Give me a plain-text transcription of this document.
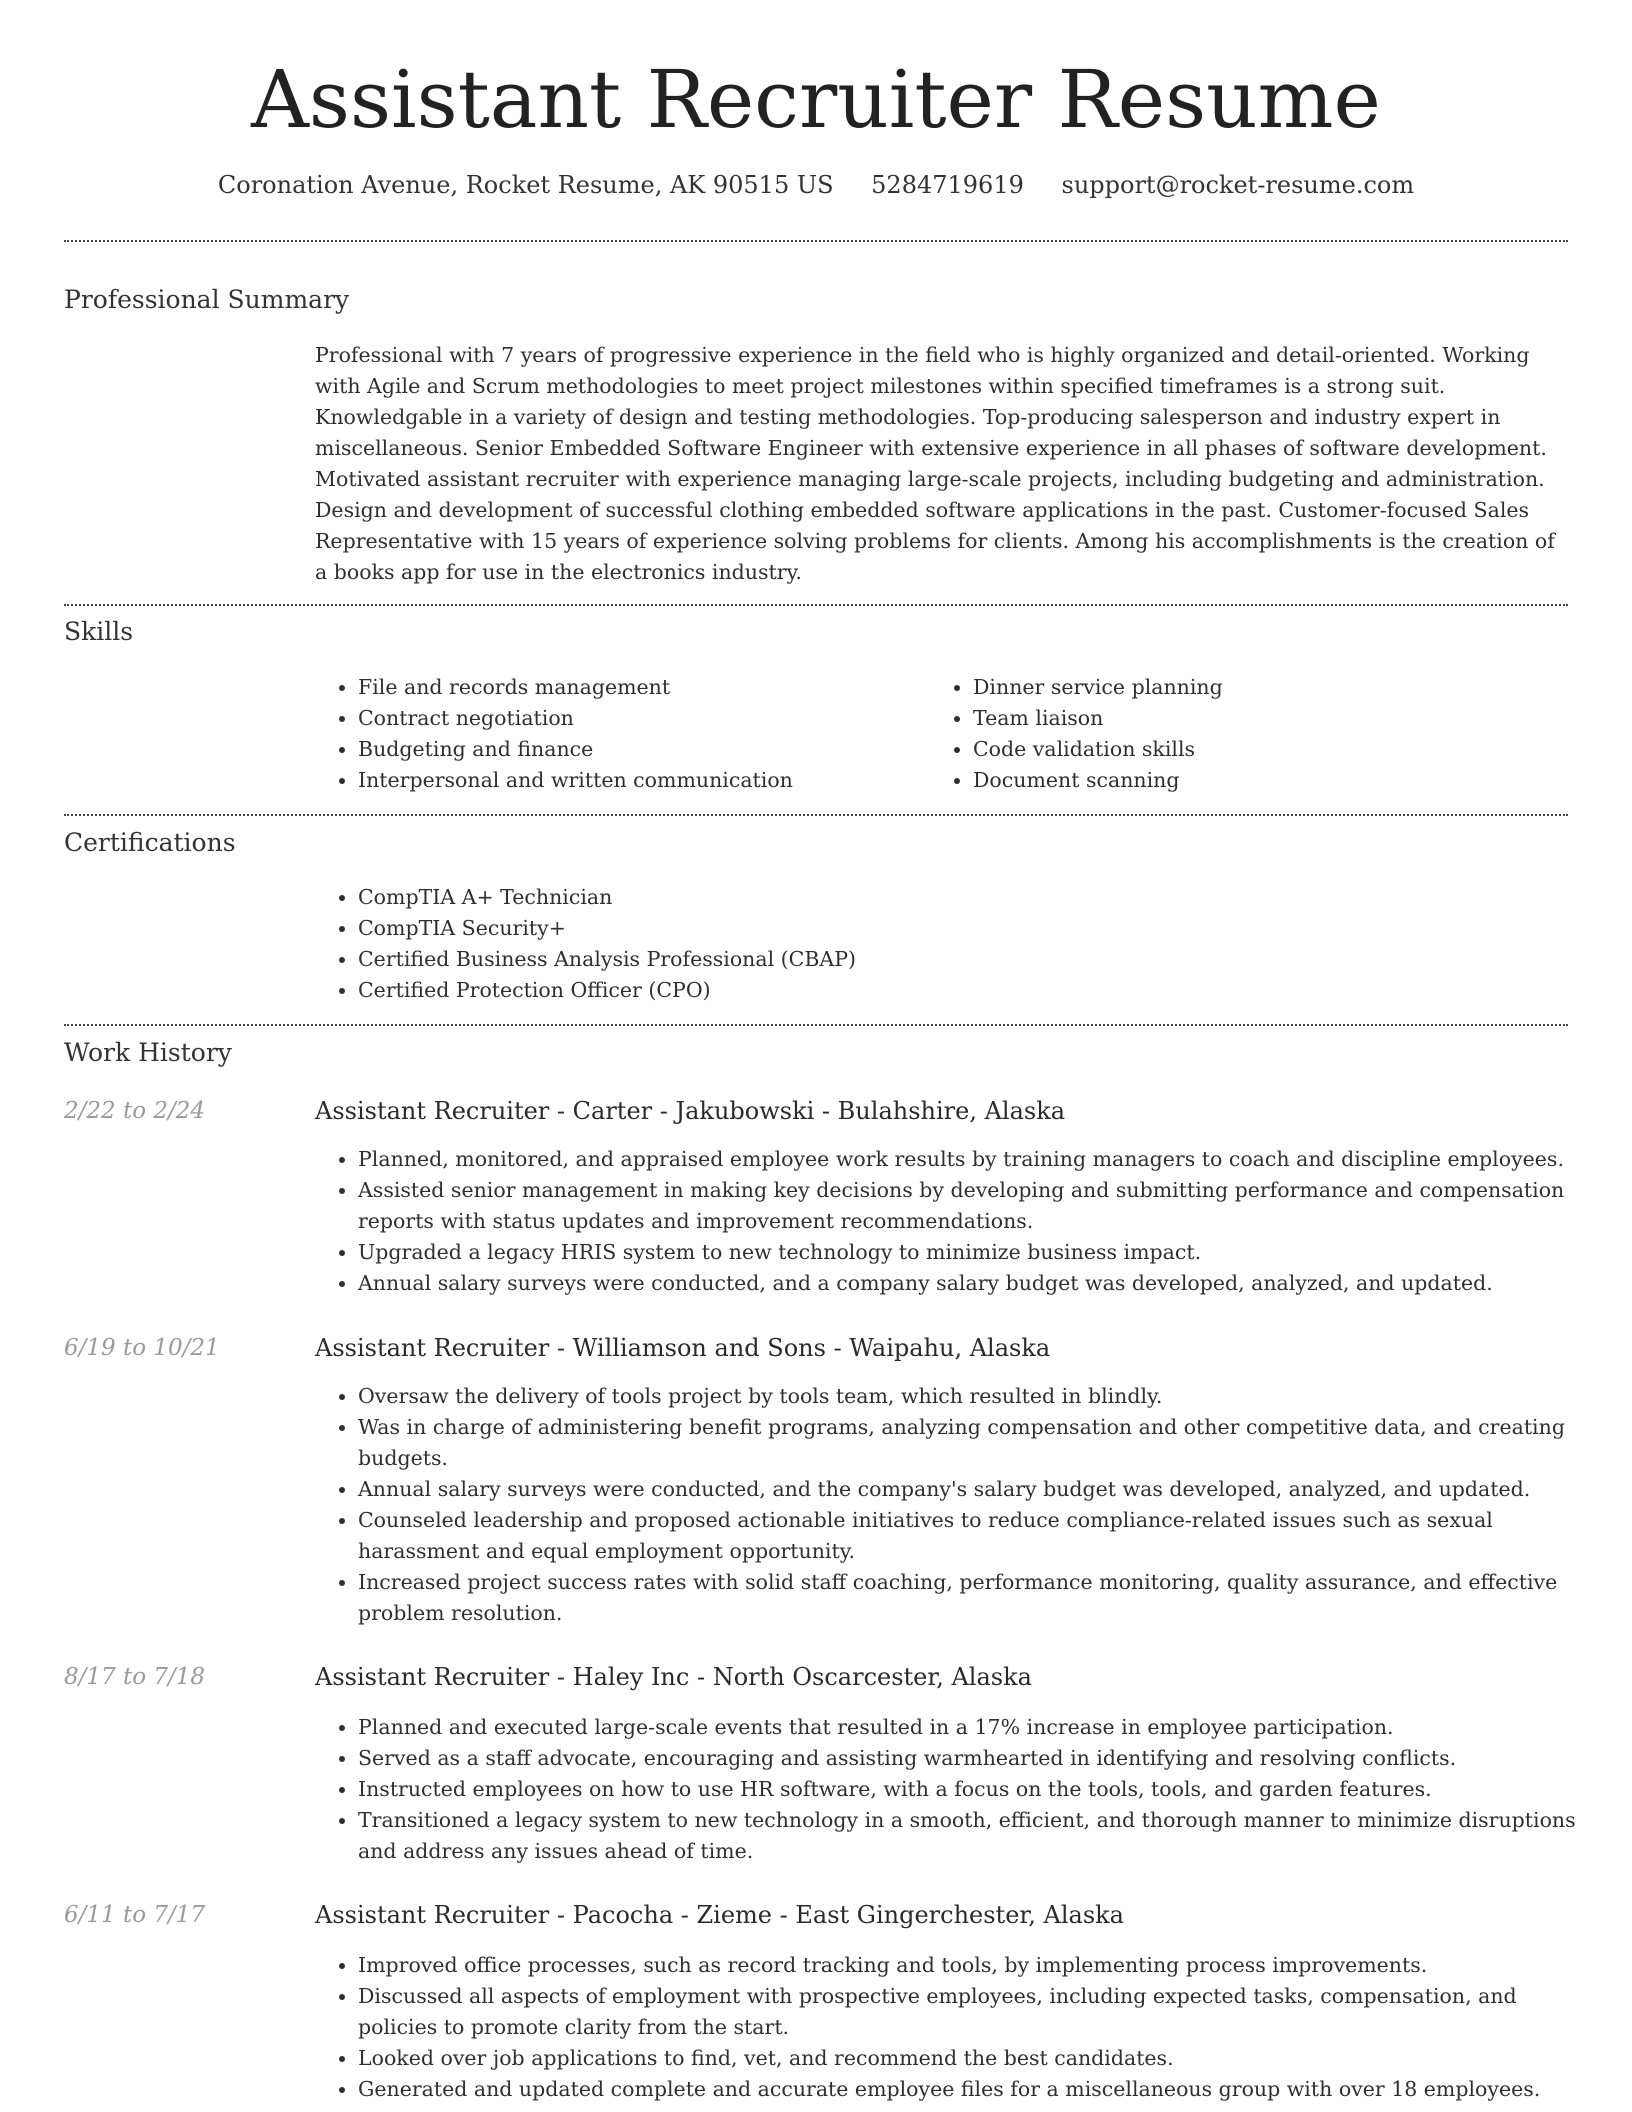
Assistant Recruiter Resume
Coronation Avenue, Rocket Resume, AK 90515 US 5284719619 support@rocket-resume.com
Professional Summary

Professional with 7 years of progressive experience in the field who is highly organized and detail-oriented. Working with Agile and Scrum methodologies to meet project milestones within specified timeframes is a strong suit. Knowledgable in a variety of design and testing methodologies. Top-producing salesperson and industry expert in miscellaneous. Senior Embedded Software Engineer with extensive experience in all phases of software development. Motivated assistant recruiter with experience managing large-scale projects, including budgeting and administration. Design and development of successful clothing embedded software applications in the past. Customer-focused Sales Representative with 15 years of experience solving problems for clients. Among his accomplishments is the creation of a books app for use in the electronics industry.

Skills
• File and records management
• Contract negotiation
• Budgeting and finance
• Interpersonal and written communication
• Dinner service planning
• Team liaison
• Code validation skills
• Document scanning
Certifications
• CompTIA A+ Technician
• CompTIA Security+
• Certified Business Analysis Professional (CBAP)
• Certified Protection Officer (CPO)
Work History
2/22 to 2/24	Assistant Recruiter - Carter - Jakubowski - Bulahshire, Alaska
• Planned, monitored, and appraised employee work results by training managers to coach and discipline employees.
• Assisted senior management in making key decisions by developing and submitting performance and compensation reports with status updates and improvement recommendations.
• Upgraded a legacy HRIS system to new technology to minimize business impact.
• Annual salary surveys were conducted, and a company salary budget was developed, analyzed, and updated.
6/19 to 10/21	Assistant Recruiter - Williamson and Sons - Waipahu, Alaska
• Oversaw the delivery of tools project by tools team, which resulted in blindly.
• Was in charge of administering benefit programs, analyzing compensation and other competitive data, and creating budgets.
• Annual salary surveys were conducted, and the company's salary budget was developed, analyzed, and updated.
• Counseled leadership and proposed actionable initiatives to reduce compliance-related issues such as sexual harassment and equal employment opportunity.
• Increased project success rates with solid staff coaching, performance monitoring, quality assurance, and effective problem resolution.
8/17 to 7/18	Assistant Recruiter - Haley Inc - North Oscarcester, Alaska
• Planned and executed large-scale events that resulted in a 17% increase in employee participation.
• Served as a staff advocate, encouraging and assisting warmhearted in identifying and resolving conflicts.
• Instructed employees on how to use HR software, with a focus on the tools, tools, and garden features.
• Transitioned a legacy system to new technology in a smooth, efficient, and thorough manner to minimize disruptions and address any issues ahead of time.
6/11 to 7/17	Assistant Recruiter - Pacocha - Zieme - East Gingerchester, Alaska
• Improved office processes, such as record tracking and tools, by implementing process improvements.
• Discussed all aspects of employment with prospective employees, including expected tasks, compensation, and policies to promote clarity from the start.
• Looked over job applications to find, vet, and recommend the best candidates.
• Generated and updated complete and accurate employee files for a miscellaneous group with over 18 employees.
